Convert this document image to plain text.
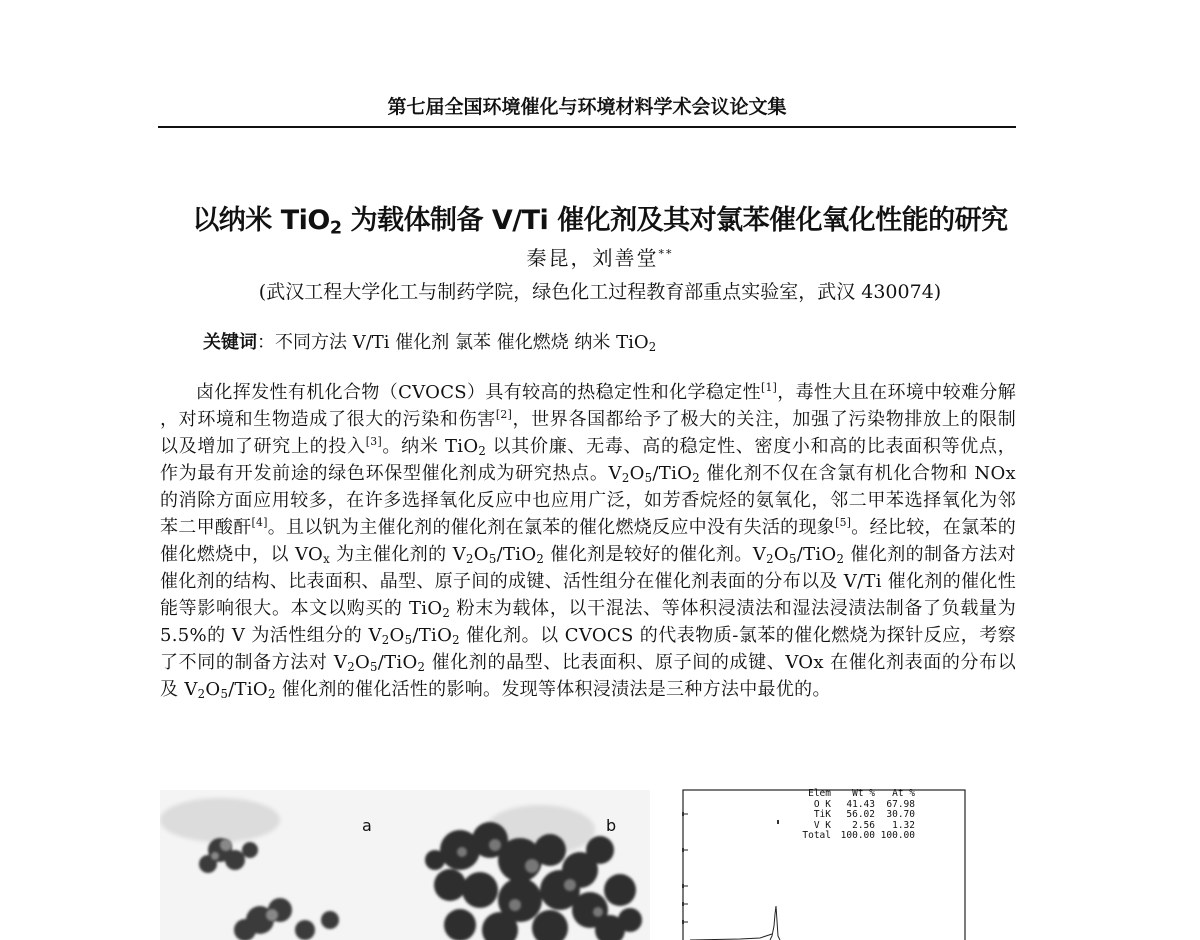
第七届全国环境催化与环境材料学术会议论文集
以纳米 TiO$_2$ 为载体制备 V/Ti 催化剂及其对氯苯催化氧化性能的研究
秦昆，刘善堂**
(武汉工程大学化工与制药学院，绿色化工过程教育部重点实验室，武汉 430074)
关键词：不同方法 V/Ti 催化剂 氯苯 催化燃烧 纳米 TiO$_2$
卤化挥发性有机化合物（CVOCS）具有较高的热稳定性和化学稳定性[1]，毒性大且在环境中较难分解 ，对环境和生物造成了很大的污染和伤害[2]，世界各国都给予了极大的关注，加强了污染物排放上的限制以及增加了研究上的投入[3]。纳米 TiO$_2$ 以其价廉、无毒、高的稳定性、密度小和高的比表面积等优点，作为最有开发前途的绿色环保型催化剂成为研究热点。$V_2O_5/TiO_2$ 催化剂不仅在含氯有机化合物和 NOx 的消除方面应用较多，在许多选择氧化反应中也应用广泛，如芳香烷烃的氨氧化，邻二甲苯选择氧化为邻苯二甲酸酐[4]。且以钒为主催化剂的催化剂在氯苯的催化燃烧反应中没有失活的现象[5]。经比较，在氯苯的催化燃烧中，以 $VO_x$ 为主催化剂的 $V_2O_5/TiO_2$ 催化剂是较好的催化剂。$V_2O_5/TiO_2$ 催化剂的制备方法对催化剂的结构、比表面积、晶型、原子间的成键、活性组分在催化剂表面的分布以及 V/Ti 催化剂的催化性能等影响很大。本文以购买的 TiO$_2$ 粉末为载体，以干混法、等体积浸渍法和湿法浸渍法制备了负载量为 5.5%的 V 为活性组分的 $V_2O_5/TiO_2$ 催化剂。以 CVOCS 的代表物质-氯苯的催化燃烧为探针反应，考察了不同的制备方法对 $V_2O_5/TiO_2$ 催化剂的晶型、比表面积、原子间的成键、VOx 在催化剂表面的分布以及 $V_2O_5/TiO_2$ 催化剂的催化活性的影响。发现等体积浸渍法是三种方法中最优的。
a	b
Elem	Wt %	At %
O K	41.43	67.98
TiK	56.02	30.70
V K	2.56	1.32
Total	100.00 100.00
